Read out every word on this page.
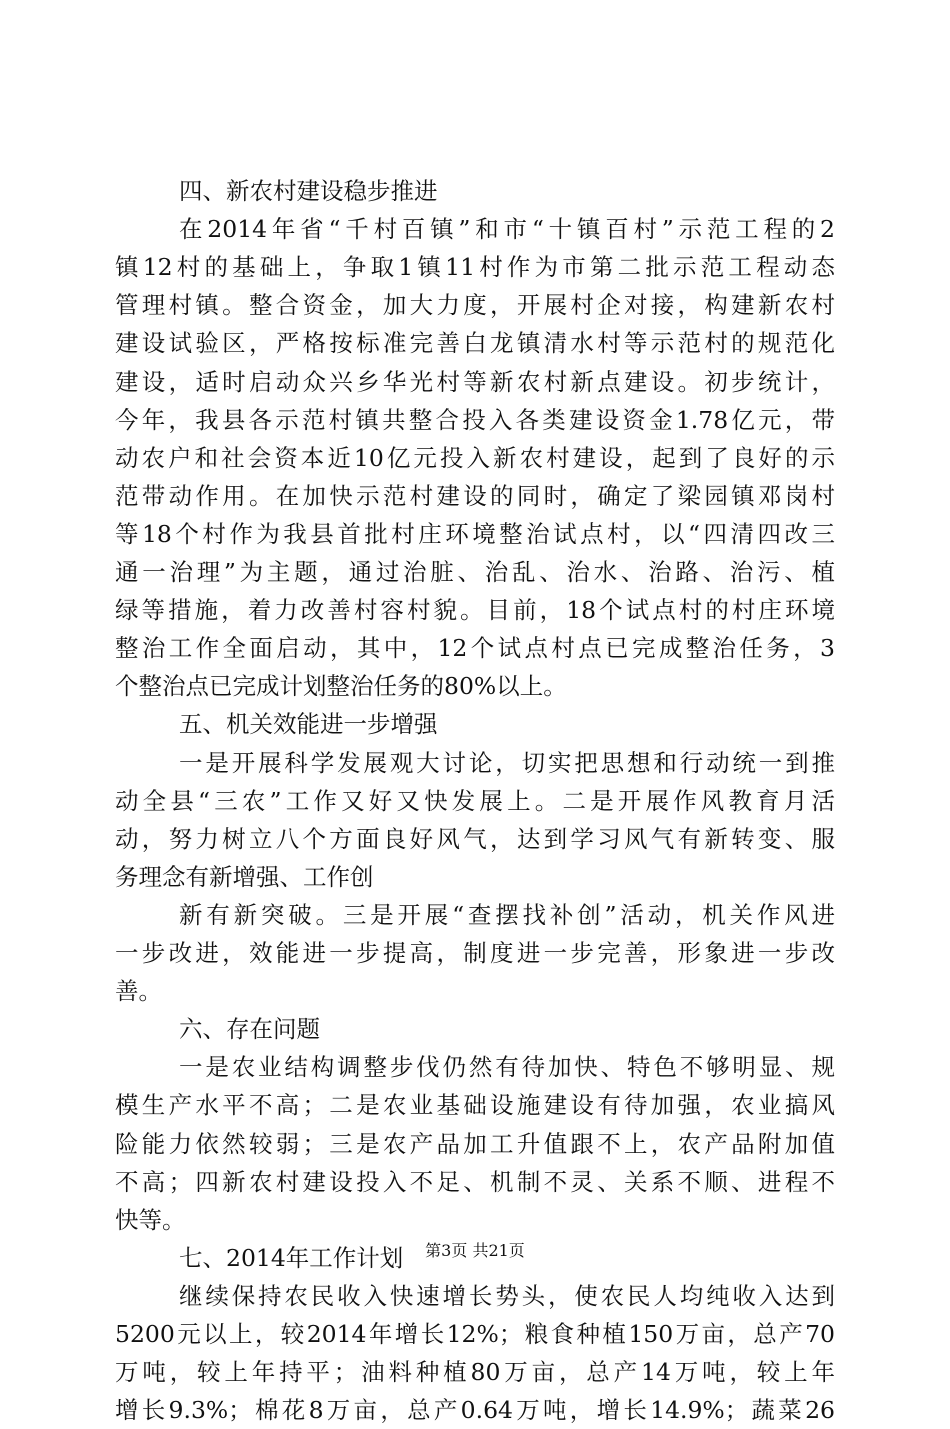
四、新农村建设稳步推进
在2014年省“千村百镇”和市“十镇百村”示范工程的2
镇12村的基础上，争取1镇11村作为市第二批示范工程动态
管理村镇。整合资金，加大力度，开展村企对接，构建新农村
建设试验区，严格按标准完善白龙镇清水村等示范村的规范化
建设，适时启动众兴乡华光村等新农村新点建设。初步统计，
今年，我县各示范村镇共整合投入各类建设资金1.78亿元，带
动农户和社会资本近10亿元投入新农村建设，起到了良好的示
范带动作用。在加快示范村建设的同时，确定了梁园镇邓岗村
等18个村作为我县首批村庄环境整治试点村，以“四清四改三
通一治理”为主题，通过治脏、治乱、治水、治路、治污、植
绿等措施，着力改善村容村貌。目前，18个试点村的村庄环境
整治工作全面启动，其中，12个试点村点已完成整治任务，3
个整治点已完成计划整治任务的80%以上。
五、机关效能进一步增强
一是开展科学发展观大讨论，切实把思想和行动统一到推
动全县“三农”工作又好又快发展上。二是开展作风教育月活
动，努力树立八个方面良好风气，达到学习风气有新转变、服
务理念有新增强、工作创
新有新突破。三是开展“查摆找补创”活动，机关作风进
一步改进，效能进一步提高，制度进一步完善，形象进一步改
善。
六、存在问题
一是农业结构调整步伐仍然有待加快、特色不够明显、规
模生产水平不高；二是农业基础设施建设有待加强，农业搞风
险能力依然较弱；三是农产品加工升值跟不上，农产品附加值
不高；四新农村建设投入不足、机制不灵、关系不顺、进程不
快等。
七、2014年工作计划
继续保持农民收入快速增长势头，使农民人均纯收入达到
5200元以上，较2014年增长12%；粮食种植150万亩，总产70
万吨，较上年持平；油料种植80万亩，总产14万吨，较上年
增长9.3%；棉花8万亩，总产0.64万吨，增长14.9%；蔬菜26
第3页 共21页
